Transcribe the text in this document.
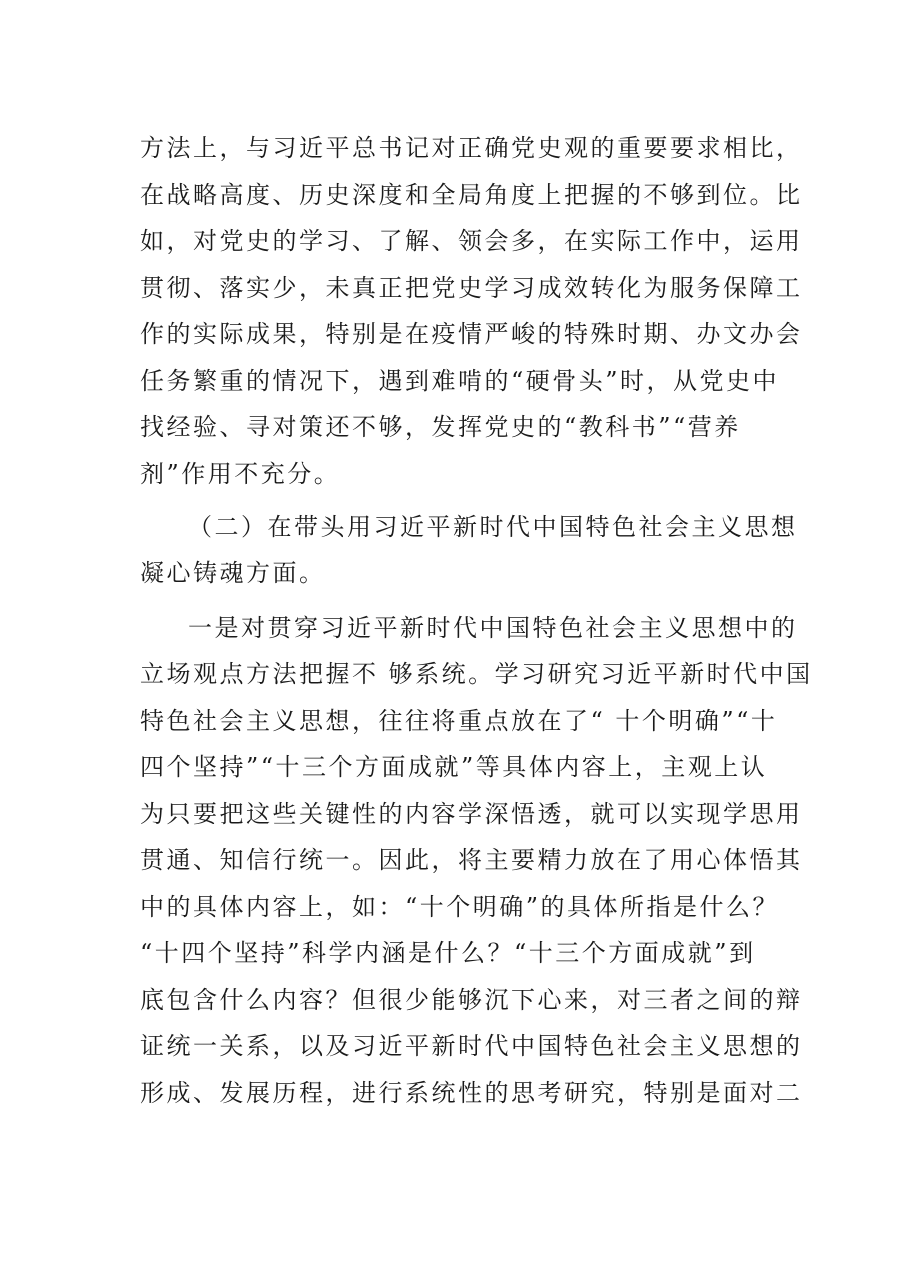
方法上，与习近平总书记对正确党史观的重要要求相比，
在战略高度、历史深度和全局角度上把握的不够到位。比
如，对党史的学习、了解、领会多，在实际工作中，运用
贯彻、落实少，未真正把党史学习成效转化为服务保障工
作的实际成果，特别是在疫情严峻的特殊时期、办文办会
任务繁重的情况下，遇到难啃的“硬骨头”时，从党史中
找经验、寻对策还不够，发挥党史的“教科书”“营养
剂”作用不充分。
（二）在带头用习近平新时代中国特色社会主义思想
凝心铸魂方面。
一是对贯穿习近平新时代中国特色社会主义思想中的
立场观点方法把握不 够系统。学习研究习近平新时代中国
特色社会主义思想，往往将重点放在了“ 十个明确”“十
四个坚持”“十三个方面成就”等具体内容上，主观上认
为只要把这些关键性的内容学深悟透，就可以实现学思用
贯通、知信行统一。因此，将主要精力放在了用心体悟其
中的具体内容上，如：“十个明确”的具体所指是什么？
“十四个坚持”科学内涵是什么？“十三个方面成就”到
底包含什么内容？但很少能够沉下心来，对三者之间的辩
证统一关系，以及习近平新时代中国特色社会主义思想的
形成、发展历程，进行系统性的思考研究，特别是面对二
